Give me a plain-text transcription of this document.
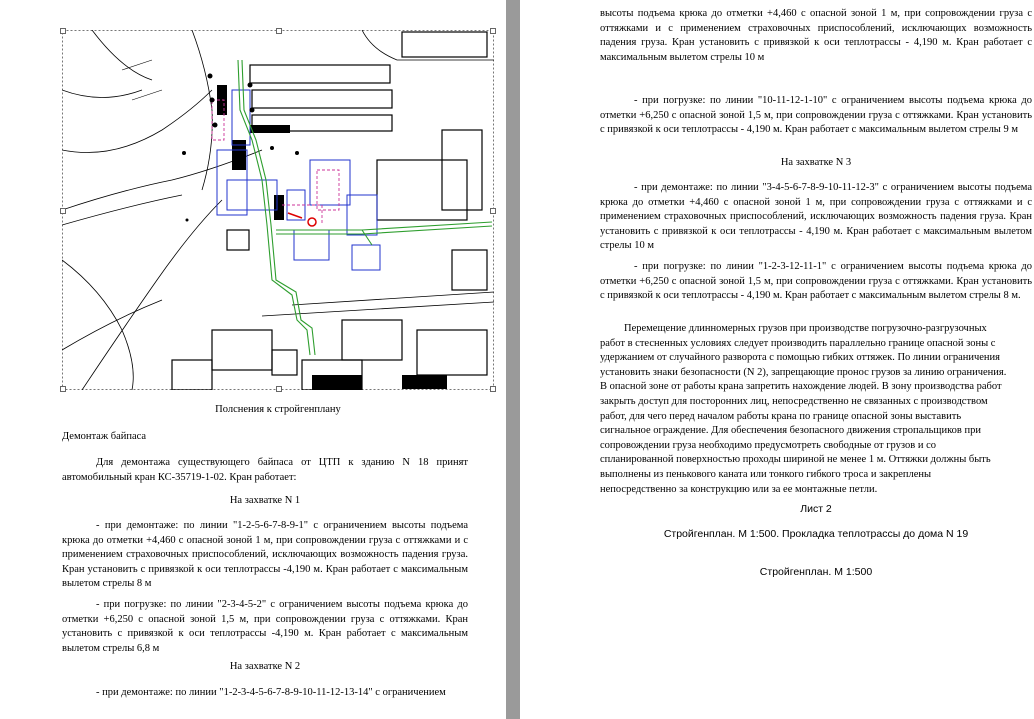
Полснения к стройгенплану
Демонтаж байпаса
Для демонтажа существующего байпаса от ЦТП к зданию N 18 принят автомобильный кран КС-35719-1-02. Кран работает:
На захватке N 1
- при демонтаже: по линии "1-2-5-6-7-8-9-1" с ограничением высоты подъема крюка до отметки +4,460 с опасной зоной 1 м, при сопровождении груза с оттяжками и с применением страховочных приспособлений, исключающих возможность падения груза. Кран установить с привязкой к оси теплотрассы -4,190 м. Кран работает с максимальным вылетом стрелы 8 м
- при погрузке: по линии "2-3-4-5-2" с ограничением высоты подъема крюка до отметки +6,250 с опасной зоной 1,5 м, при сопровождении груза с оттяжками. Кран установить с привязкой к оси теплотрассы -4,190 м. Кран работает с максимальным вылетом стрелы 6,8 м
На захватке N 2
- при демонтаже: по линии "1-2-3-4-5-6-7-8-9-10-11-12-13-14" с ограничением
высоты подъема крюка до отметки +4,460 с опасной зоной 1 м, при сопровождении груза с оттяжками и с применением страховочных приспособлений, исключающих возможность падения груза. Кран установить с привязкой к оси теплотрассы - 4,190 м. Кран работает с максимальным вылетом стрелы 10 м
- при погрузке: по линии "10-11-12-1-10" с ограничением высоты подъема крюка до отметки +6,250 с опасной зоной 1,5 м, при сопровождении груза с оттяжками. Кран установить с привязкой к оси теплотрассы - 4,190 м. Кран работает с максимальным вылетом стрелы 9 м
На захватке N 3
- при демонтаже: по линии "3-4-5-6-7-8-9-10-11-12-3" с ограничением высоты подъема крюка до отметки +4,460 с опасной зоной 1 м, при сопровождении груза с оттяжками и с применением страховочных приспособлений, исключающих возможность падения груза. Кран установить с привязкой к оси теплотрассы - 4,190 м. Кран работает с максимальным вылетом стрелы 10 м
- при погрузке: по линии "1-2-3-12-11-1" с ограничением высоты подъема крюка до отметки +6,250 с опасной зоной 1,5 м, при сопровождении груза с оттяжками. Кран установить с привязкой к оси теплотрассы - 4,190 м. Кран работает с максимальным вылетом стрелы 8 м.
Перемещение длинномерных грузов при производстве погрузочно-разгрузочных
работ в стесненных условиях следует производить параллельно границе опасной зоны с
удержанием от случайного разворота с помощью гибких оттяжек. По линии ограничения
установить знаки безопасности (N 2), запрещающие пронос грузов за линию ограничения.
В опасной зоне от работы крана запретить нахождение людей. В зону производства работ
закрыть доступ для посторонних лиц, непосредственно не связанных с производством
работ, для чего перед началом работы крана по границе опасной зоны выставить
сигнальное ограждение. Для обеспечения безопасного движения стропальщиков при
сопровождении груза необходимо предусмотреть свободные от грузов и со
спланированной поверхностью проходы шириной не менее 1 м. Оттяжки должны быть
выполнены из пенькового каната или тонкого гибкого троса и закреплены
непосредственно за конструкцию или за ее монтажные петли.
Лист 2
Стройгенплан. М 1:500. Прокладка теплотрассы до дома N 19
Стройгенплан. М 1:500
